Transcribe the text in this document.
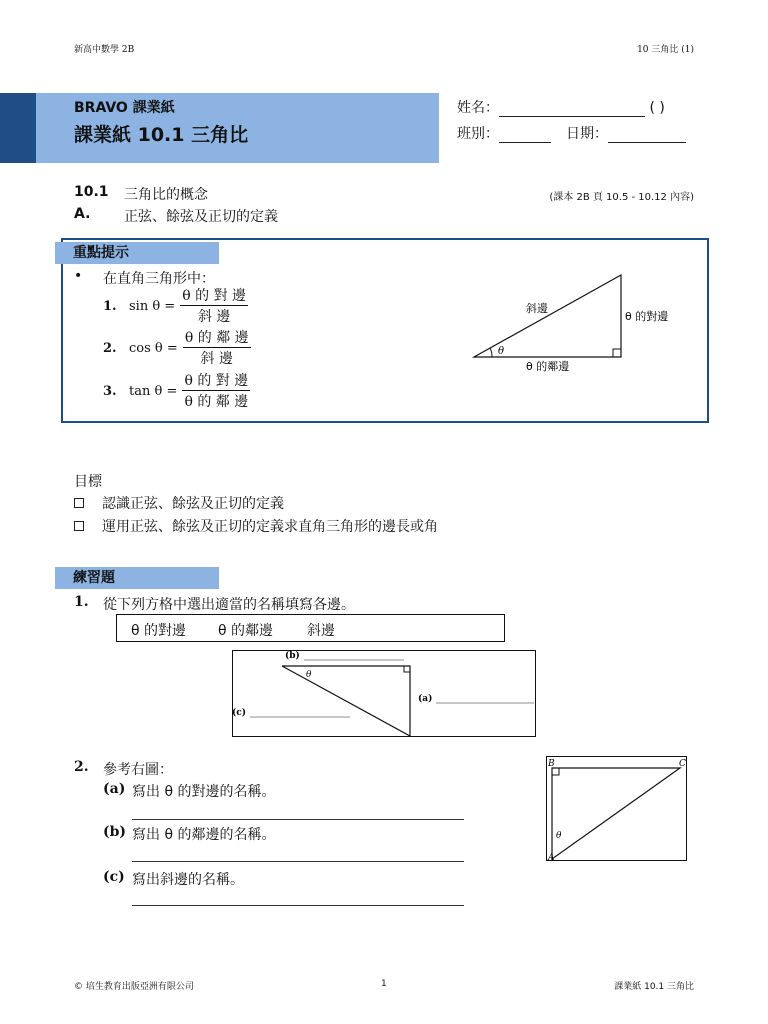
新高中數學 2B	10 三角比 (1)
BRAVO 課業紙
課業紙 10.1 三角比
姓名：	( )
班別：	日期：
10.1 三角比的概念
A. 正弦、餘弦及正切的定義
(課本 2B 頁 10.5 - 10.12 內容)
重點提示
• 在直角三角形中：
1. $\sin \theta = \frac{\text{θ 的 對 邊}}{\text{斜 邊}}$
2. $\cos \theta = \frac{\text{θ 的 鄰 邊}}{\text{斜 邊}}$
3. $\tan \theta = \frac{\text{θ 的 對 邊}}{\text{θ 的 鄰 邊}}$
θ
斜邊
θ 的對邊
θ 的鄰邊
目標
認識正弦、餘弦及正切的定義
運用正弦、餘弦及正切的定義求直角三角形的邊長或角
練習題
1. 從下列方格中選出適當的名稱填寫各邊。
θ 的對邊 θ 的鄰邊 斜邊
θ
(b)
(a)
(c)
2. 參考右圖：
(a) 寫出 θ 的對邊的名稱。
(b) 寫出 θ 的鄰邊的名稱。
(c) 寫出斜邊的名稱。
B	C
A
θ
© 培生教育出版亞洲有限公司	1	課業紙 10.1 三角比
